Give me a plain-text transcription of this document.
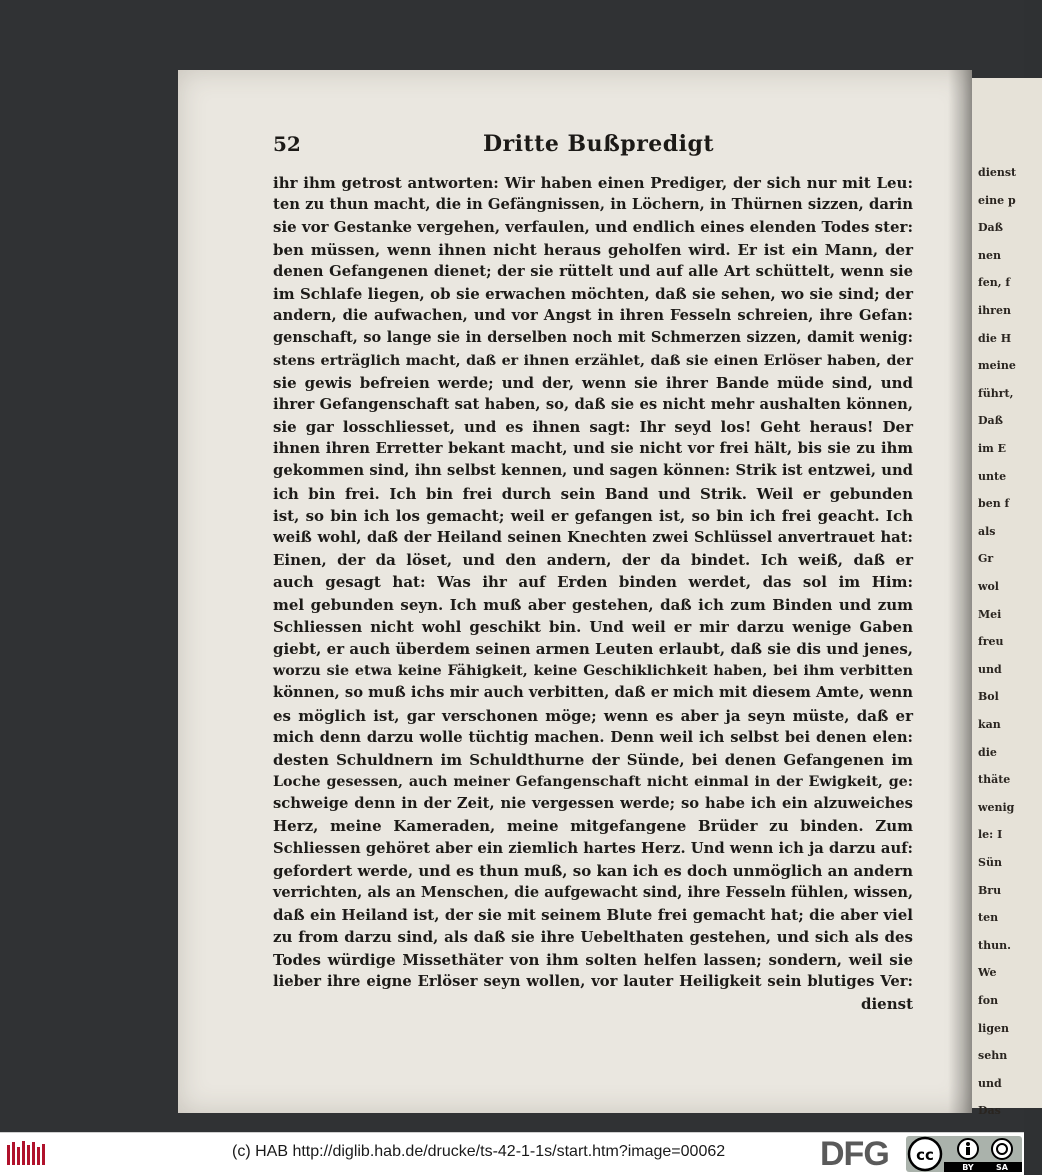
52	Dritte Bußpredigt
ihr ihm getrost antworten: Wir haben einen Prediger, der sich nur mit Leu:
ten zu thun macht, die in Gefängnissen, in Löchern, in Thürnen sizzen, darin
sie vor Gestanke vergehen, verfaulen, und endlich eines elenden Todes ster:
ben müssen, wenn ihnen nicht heraus geholfen wird. Er ist ein Mann, der
denen Gefangenen dienet; der sie rüttelt und auf alle Art schüttelt, wenn sie
im Schlafe liegen, ob sie erwachen möchten, daß sie sehen, wo sie sind; der
andern, die aufwachen, und vor Angst in ihren Fesseln schreien, ihre Gefan:
genschaft, so lange sie in derselben noch mit Schmerzen sizzen, damit wenig:
stens erträglich macht, daß er ihnen erzählet, daß sie einen Erlöser haben, der
sie gewis befreien werde; und der, wenn sie ihrer Bande müde sind, und
ihrer Gefangenschaft sat haben, so, daß sie es nicht mehr aushalten können,
sie gar losschliesset, und es ihnen sagt: Ihr seyd los! Geht heraus! Der
ihnen ihren Erretter bekant macht, und sie nicht vor frei hält, bis sie zu ihm
gekommen sind, ihn selbst kennen, und sagen können: Strik ist entzwei, und
ich bin frei. Ich bin frei durch sein Band und Strik. Weil er gebunden
ist, so bin ich los gemacht; weil er gefangen ist, so bin ich frei geacht. Ich
weiß wohl, daß der Heiland seinen Knechten zwei Schlüssel anvertrauet hat:
Einen, der da löset, und den andern, der da bindet. Ich weiß, daß er
auch gesagt hat: Was ihr auf Erden binden werdet, das sol im Him:
mel gebunden seyn. Ich muß aber gestehen, daß ich zum Binden und zum
Schliessen nicht wohl geschikt bin. Und weil er mir darzu wenige Gaben
giebt, er auch überdem seinen armen Leuten erlaubt, daß sie dis und jenes,
worzu sie etwa keine Fähigkeit, keine Geschiklichkeit haben, bei ihm verbitten
können, so muß ichs mir auch verbitten, daß er mich mit diesem Amte, wenn
es möglich ist, gar verschonen möge; wenn es aber ja seyn müste, daß er
mich denn darzu wolle tüchtig machen. Denn weil ich selbst bei denen elen:
desten Schuldnern im Schuldthurne der Sünde, bei denen Gefangenen im
Loche gesessen, auch meiner Gefangenschaft nicht einmal in der Ewigkeit, ge:
schweige denn in der Zeit, nie vergessen werde; so habe ich ein alzuweiches
Herz, meine Kameraden, meine mitgefangene Brüder zu binden. Zum
Schliessen gehöret aber ein ziemlich hartes Herz. Und wenn ich ja darzu auf:
gefordert werde, und es thun muß, so kan ich es doch unmöglich an andern
verrichten, als an Menschen, die aufgewacht sind, ihre Fesseln fühlen, wissen,
daß ein Heiland ist, der sie mit seinem Blute frei gemacht hat; die aber viel
zu from darzu sind, als daß sie ihre Uebelthaten gestehen, und sich als des
Todes würdige Missethäter von ihm solten helfen lassen; sondern, weil sie
lieber ihre eigne Erlöser seyn wollen, vor lauter Heiligkeit sein blutiges Ver:
dienst
dienst
eine p
Daß
nen
fen, f
ihren
die H
meine
führt,
Daß
im E
unte
ben f
als
Gr
wol
Mei
freu
und
Bol
kan
die
thäte
wenig
le: I
Sün
Bru
ten
thun.
We
fon
ligen
sehn
und
Das
(c) HAB http://diglib.hab.de/drucke/ts-42-1-1s/start.htm?image=00062	DFG cc
BY	SA
